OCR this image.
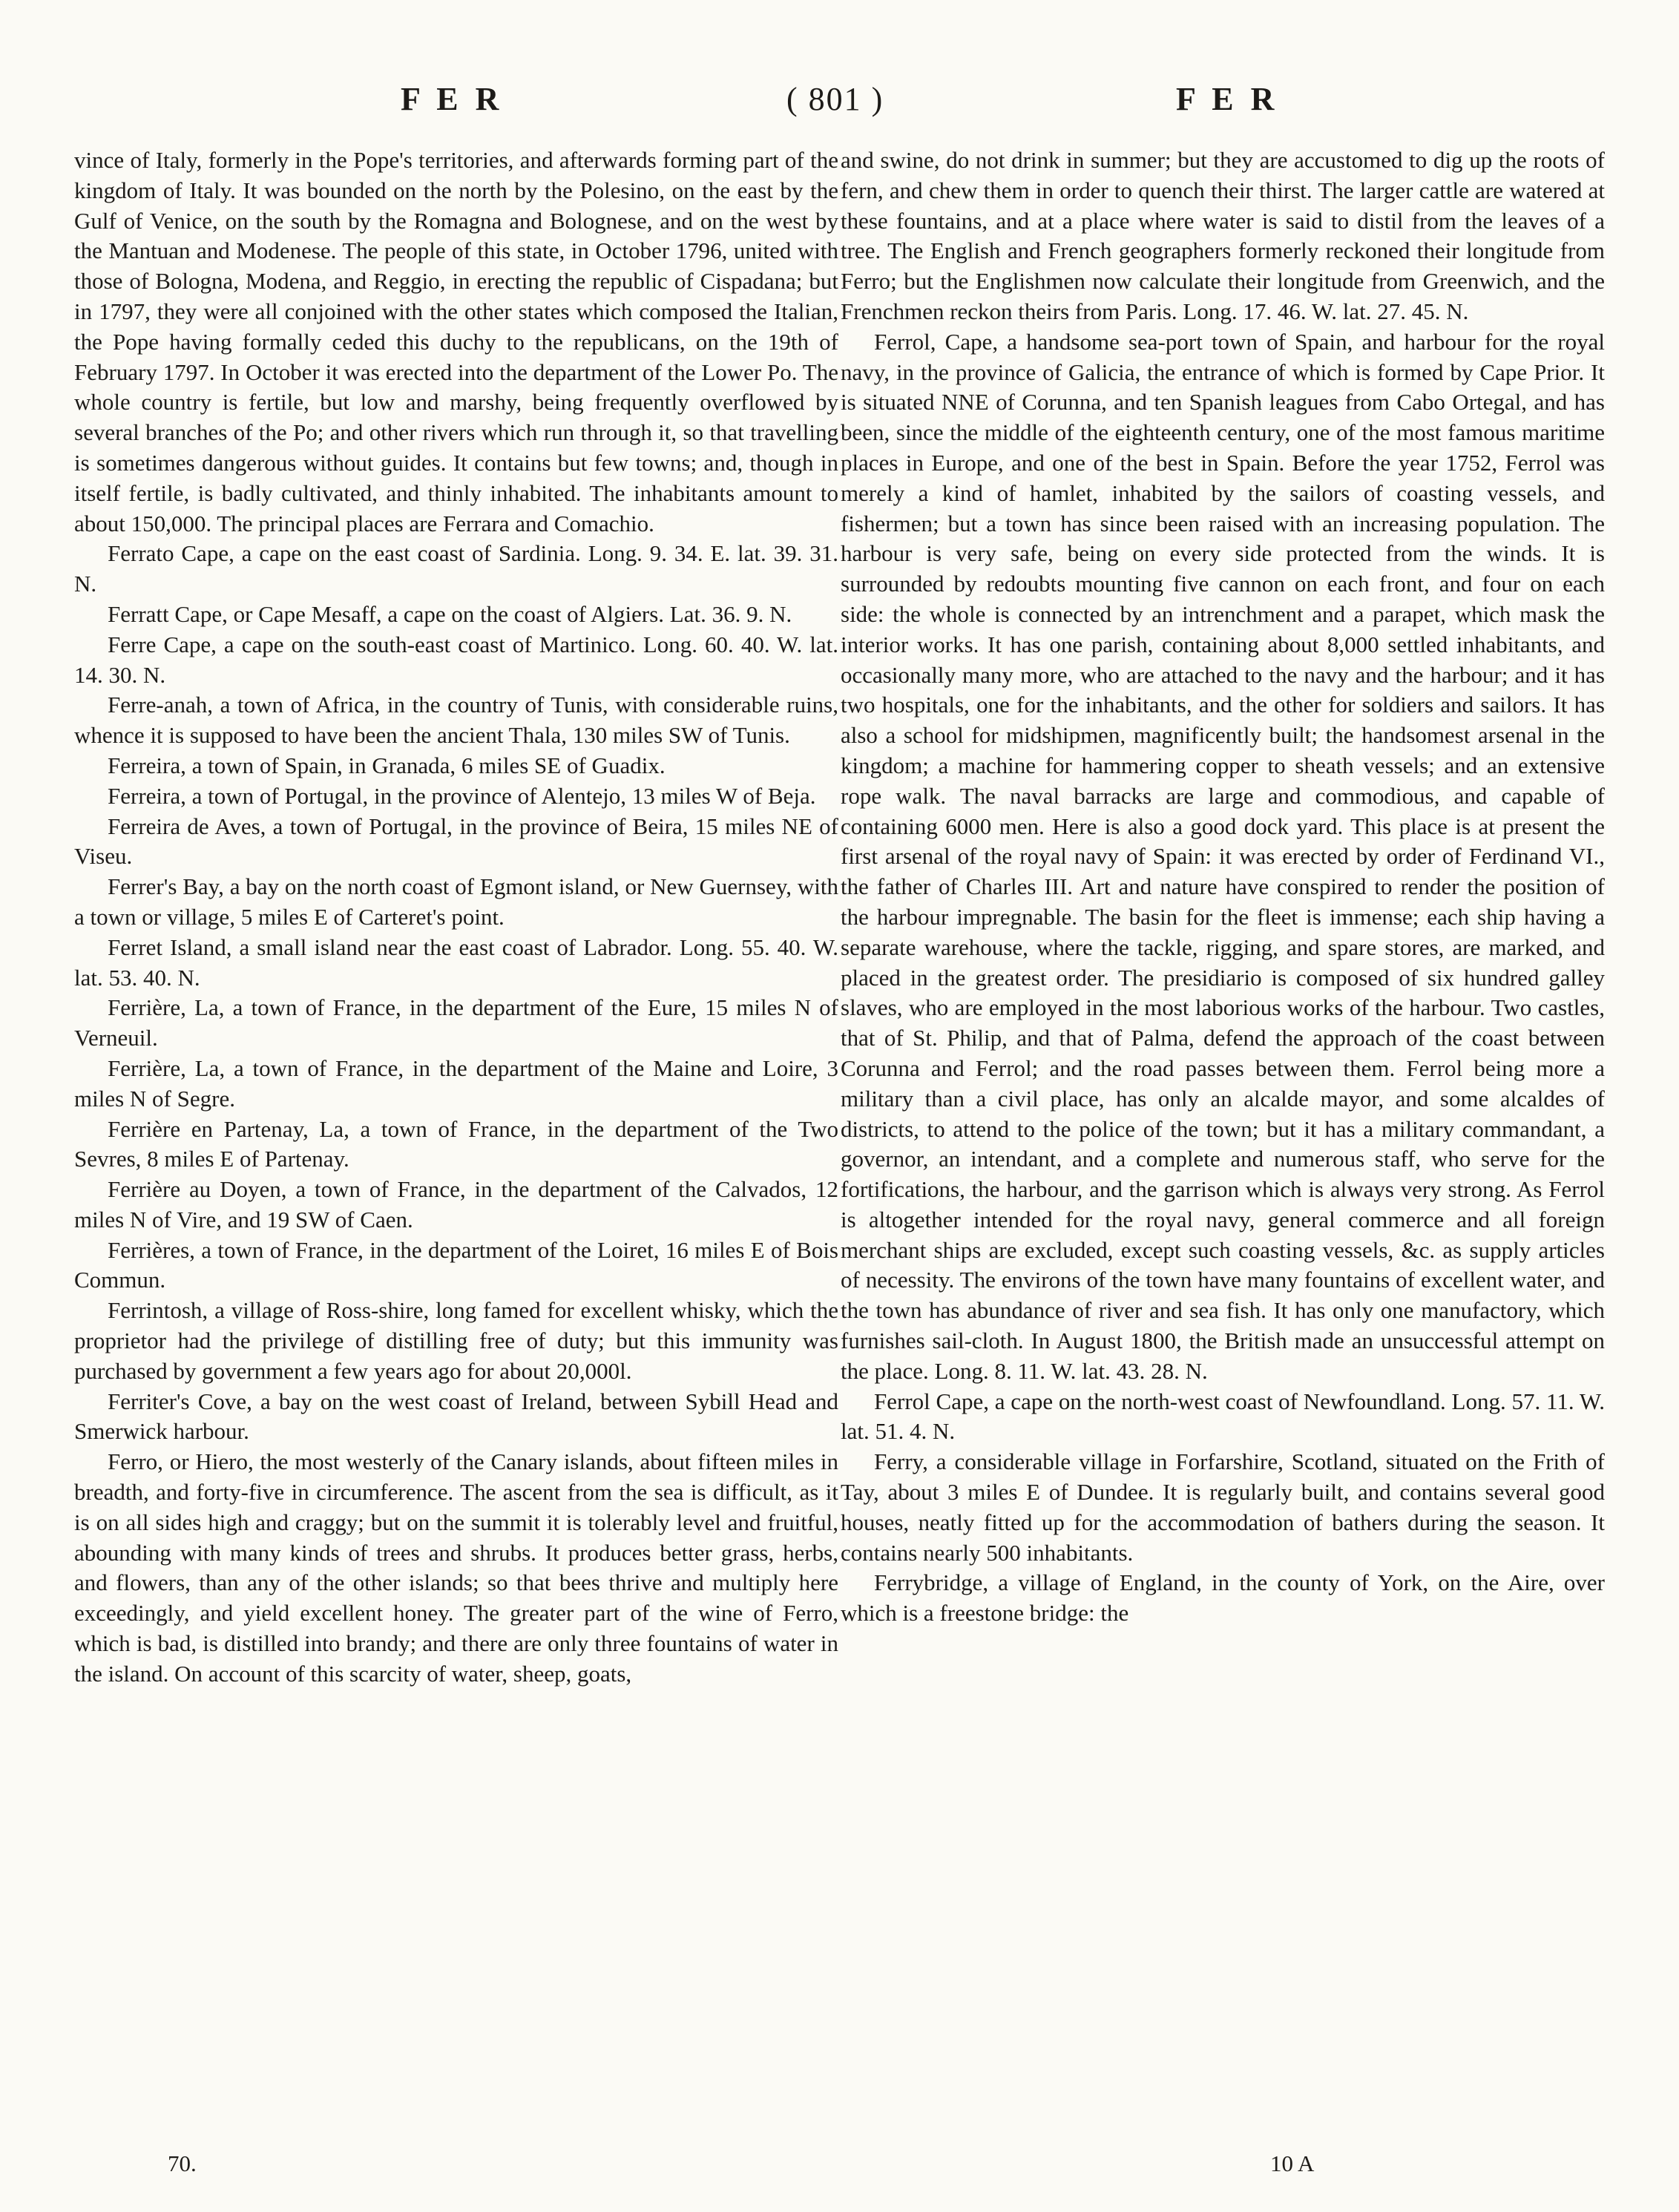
F E R	( 801 )	F E R

vince of Italy, formerly in the Pope's territories, and afterwards forming part of the kingdom of Italy. It was bounded on the north by the Polesino, on the east by the Gulf of Venice, on the south by the Romagna and Bolognese, and on the west by the Mantuan and Modenese. The people of this state, in October 1796, united with those of Bologna, Modena, and Reggio, in erecting the republic of Cispadana; but in 1797, they were all conjoined with the other states which composed the Italian, the Pope having formally ceded this duchy to the republicans, on the 19th of February 1797. In October it was erected into the department of the Lower Po. The whole country is fertile, but low and marshy, being frequently overflowed by several branches of the Po; and other rivers which run through it, so that travelling is sometimes dangerous without guides. It contains but few towns; and, though in itself fertile, is badly cultivated, and thinly inhabited. The inhabitants amount to about 150,000. The principal places are Ferrara and Comachio.

Ferrato Cape, a cape on the east coast of Sardinia. Long. 9. 34. E. lat. 39. 31. N.

Ferratt Cape, or Cape Mesaff, a cape on the coast of Algiers. Lat. 36. 9. N.

Ferre Cape, a cape on the south-east coast of Martinico. Long. 60. 40. W. lat. 14. 30. N.

Ferre-anah, a town of Africa, in the country of Tunis, with considerable ruins, whence it is supposed to have been the ancient Thala, 130 miles SW of Tunis.

Ferreira, a town of Spain, in Granada, 6 miles SE of Guadix.

Ferreira, a town of Portugal, in the province of Alentejo, 13 miles W of Beja.

Ferreira de Aves, a town of Portugal, in the province of Beira, 15 miles NE of Viseu.

Ferrer's Bay, a bay on the north coast of Egmont island, or New Guernsey, with a town or village, 5 miles E of Carteret's point.

Ferret Island, a small island near the east coast of Labrador. Long. 55. 40. W. lat. 53. 40. N.

Ferrière, La, a town of France, in the department of the Eure, 15 miles N of Verneuil.

Ferrière, La, a town of France, in the department of the Maine and Loire, 3 miles N of Segre.

Ferrière en Partenay, La, a town of France, in the department of the Two Sevres, 8 miles E of Partenay.

Ferrière au Doyen, a town of France, in the department of the Calvados, 12 miles N of Vire, and 19 SW of Caen.

Ferrières, a town of France, in the department of the Loiret, 16 miles E of Bois Commun.

Ferrintosh, a village of Ross-shire, long famed for excellent whisky, which the proprietor had the privilege of distilling free of duty; but this immunity was purchased by government a few years ago for about 20,000l.

Ferriter's Cove, a bay on the west coast of Ireland, between Sybill Head and Smerwick harbour.

Ferro, or Hiero, the most westerly of the Canary islands, about fifteen miles in breadth, and forty-five in circumference. The ascent from the sea is difficult, as it is on all sides high and craggy; but on the summit it is tolerably level and fruitful, abounding with many kinds of trees and shrubs. It produces better grass, herbs, and flowers, than any of the other islands; so that bees thrive and multiply here exceedingly, and yield excellent honey. The greater part of the wine of Ferro, which is bad, is distilled into brandy; and there are only three fountains of water in the island. On account of this scarcity of water, sheep, goats,

and swine, do not drink in summer; but they are accustomed to dig up the roots of fern, and chew them in order to quench their thirst. The larger cattle are watered at these fountains, and at a place where water is said to distil from the leaves of a tree. The English and French geographers formerly reckoned their longitude from Ferro; but the Englishmen now calculate their longitude from Greenwich, and the Frenchmen reckon theirs from Paris. Long. 17. 46. W. lat. 27. 45. N.

Ferrol, Cape, a handsome sea-port town of Spain, and harbour for the royal navy, in the province of Galicia, the entrance of which is formed by Cape Prior. It is situated NNE of Corunna, and ten Spanish leagues from Cabo Ortegal, and has been, since the middle of the eighteenth century, one of the most famous maritime places in Europe, and one of the best in Spain. Before the year 1752, Ferrol was merely a kind of hamlet, inhabited by the sailors of coasting vessels, and fishermen; but a town has since been raised with an increasing population. The harbour is very safe, being on every side protected from the winds. It is surrounded by redoubts mounting five cannon on each front, and four on each side: the whole is connected by an intrenchment and a parapet, which mask the interior works. It has one parish, containing about 8,000 settled inhabitants, and occasionally many more, who are attached to the navy and the harbour; and it has two hospitals, one for the inhabitants, and the other for soldiers and sailors. It has also a school for midshipmen, magnificently built; the handsomest arsenal in the kingdom; a machine for hammering copper to sheath vessels; and an extensive rope walk. The naval barracks are large and commodious, and capable of containing 6000 men. Here is also a good dock yard. This place is at present the first arsenal of the royal navy of Spain: it was erected by order of Ferdinand VI., the father of Charles III. Art and nature have conspired to render the position of the harbour impregnable. The basin for the fleet is immense; each ship having a separate warehouse, where the tackle, rigging, and spare stores, are marked, and placed in the greatest order. The presidiario is composed of six hundred galley slaves, who are employed in the most laborious works of the harbour. Two castles, that of St. Philip, and that of Palma, defend the approach of the coast between Corunna and Ferrol; and the road passes between them. Ferrol being more a military than a civil place, has only an alcalde mayor, and some alcaldes of districts, to attend to the police of the town; but it has a military commandant, a governor, an intendant, and a complete and numerous staff, who serve for the fortifications, the harbour, and the garrison which is always very strong. As Ferrol is altogether intended for the royal navy, general commerce and all foreign merchant ships are excluded, except such coasting vessels, &c. as supply articles of necessity. The environs of the town have many fountains of excellent water, and the town has abundance of river and sea fish. It has only one manufactory, which furnishes sail-cloth. In August 1800, the British made an unsuccessful attempt on the place. Long. 8. 11. W. lat. 43. 28. N.

Ferrol Cape, a cape on the north-west coast of Newfoundland. Long. 57. 11. W. lat. 51. 4. N.

Ferry, a considerable village in Forfarshire, Scotland, situated on the Frith of Tay, about 3 miles E of Dundee. It is regularly built, and contains several good houses, neatly fitted up for the accommodation of bathers during the season. It contains nearly 500 inhabitants.

Ferrybridge, a village of England, in the county of York, on the Aire, over which is a freestone bridge: the

70.	10 A
